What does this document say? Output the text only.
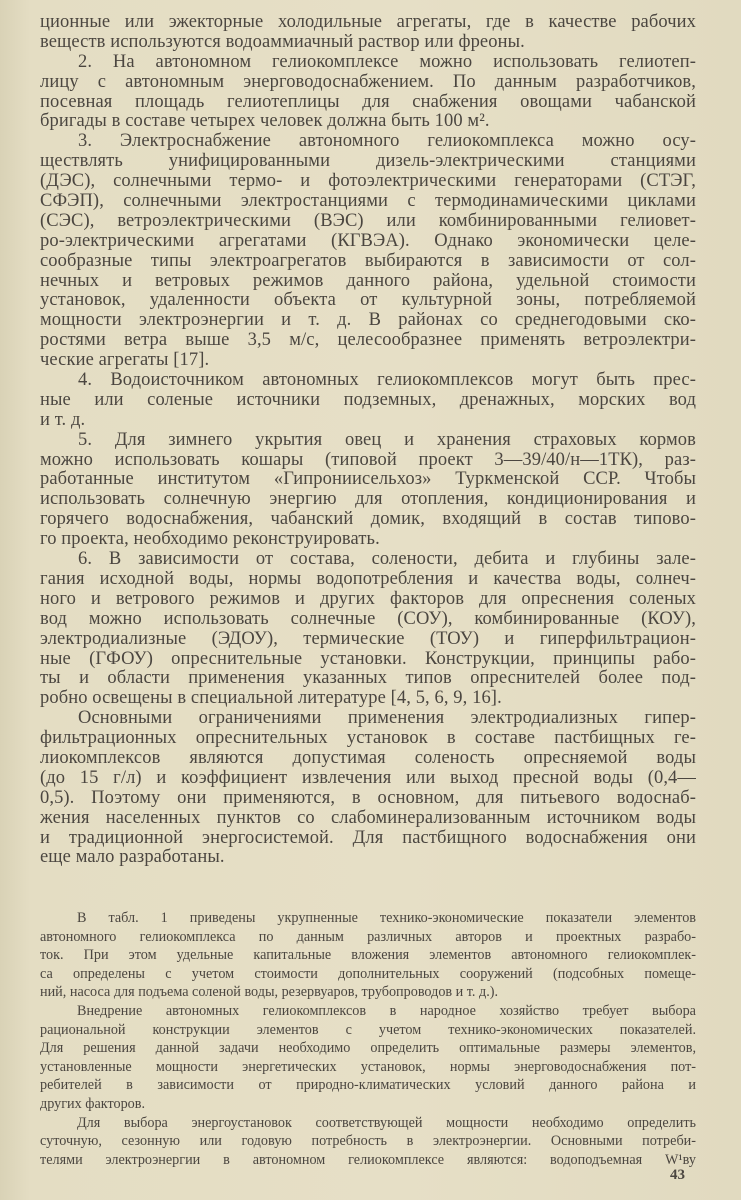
ционные или эжекторные холодильные агрегаты, где в качестве рабочих
веществ используются водоаммиачный раствор или фреоны.
2. На автономном гелиокомплексе можно использовать гелиотеп-
лицу с автономным энерговодоснабжением. По данным разработчиков,
посевная площадь гелиотеплицы для снабжения овощами чабанской
бригады в составе четырех человек должна быть 100 м².
3. Электроснабжение автономного гелиокомплекса можно осу-
ществлять унифицированными дизель-электрическими станциями
(ДЭС), солнечными термо- и фотоэлектрическими генераторами (СТЭГ,
СФЭП), солнечными электростанциями с термодинамическими циклами
(СЭС), ветроэлектрическими (ВЭС) или комбинированными гелиовет-
ро-электрическими агрегатами (КГВЭА). Однако экономически целе-
сообразные типы электроагрегатов выбираются в зависимости от сол-
нечных и ветровых режимов данного района, удельной стоимости
установок, удаленности объекта от культурной зоны, потребляемой
мощности электроэнергии и т. д. В районах со среднегодовыми ско-
ростями ветра выше 3,5 м/с, целесообразнее применять ветроэлектри-
ческие агрегаты [17].
4. Водоисточником автономных гелиокомплексов могут быть прес-
ные или соленые источники подземных, дренажных, морских вод
и т. д.
5. Для зимнего укрытия овец и хранения страховых кормов
можно использовать кошары (типовой проект 3—39/40/н—1ТК), раз-
работанные институтом «Гипрониисельхоз» Туркменской ССР. Чтобы
использовать солнечную энергию для отопления, кондиционирования и
горячего водоснабжения, чабанский домик, входящий в состав типово-
го проекта, необходимо реконструировать.
6. В зависимости от состава, солености, дебита и глубины зале-
гания исходной воды, нормы водопотребления и качества воды, солнеч-
ного и ветрового режимов и других факторов для опреснения соленых
вод можно использовать солнечные (СОУ), комбинированные (КОУ),
электродиализные (ЭДОУ), термические (ТОУ) и гиперфильтрацион-
ные (ГФОУ) опреснительные установки. Конструкции, принципы рабо-
ты и области применения указанных типов опреснителей более под-
робно освещены в специальной литературе [4, 5, 6, 9, 16].
Основными ограничениями применения электродиализных гипер-
фильтрационных опреснительных установок в составе пастбищных ге-
лиокомплексов являются допустимая соленость опресняемой воды
(до 15 г/л) и коэффициент извлечения или выход пресной воды (0,4—
0,5). Поэтому они применяются, в основном, для питьевого водоснаб-
жения населенных пунктов со слабоминерализованным источником воды
и традиционной энергосистемой. Для пастбищного водоснабжения они
еще мало разработаны.
В табл. 1 приведены укрупненные технико-экономические показатели элементов
автономного гелиокомплекса по данным различных авторов и проектных разрабо-
ток. При этом удельные капитальные вложения элементов автономного гелиокомплек-
са определены с учетом стоимости дополнительных сооружений (подсобных помеще-
ний, насоса для подъема соленой воды, резервуаров, трубопроводов и т. д.).
Внедрение автономных гелиокомплексов в народное хозяйство требует выбора
рациональной конструкции элементов с учетом технико-экономических показателей.
Для решения данной задачи необходимо определить оптимальные размеры элементов,
установленные мощности энергетических установок, нормы энерговодоснабжения пот-
ребителей в зависимости от природно-климатических условий данного района и
других факторов.
Для выбора энергоустановок соответствующей мощности необходимо определить
суточную, сезонную или годовую потребность в электроэнергии. Основными потреби-
телями электроэнергии в автономном гелиокомплексе являются: водоподъемная W¹ву
43
